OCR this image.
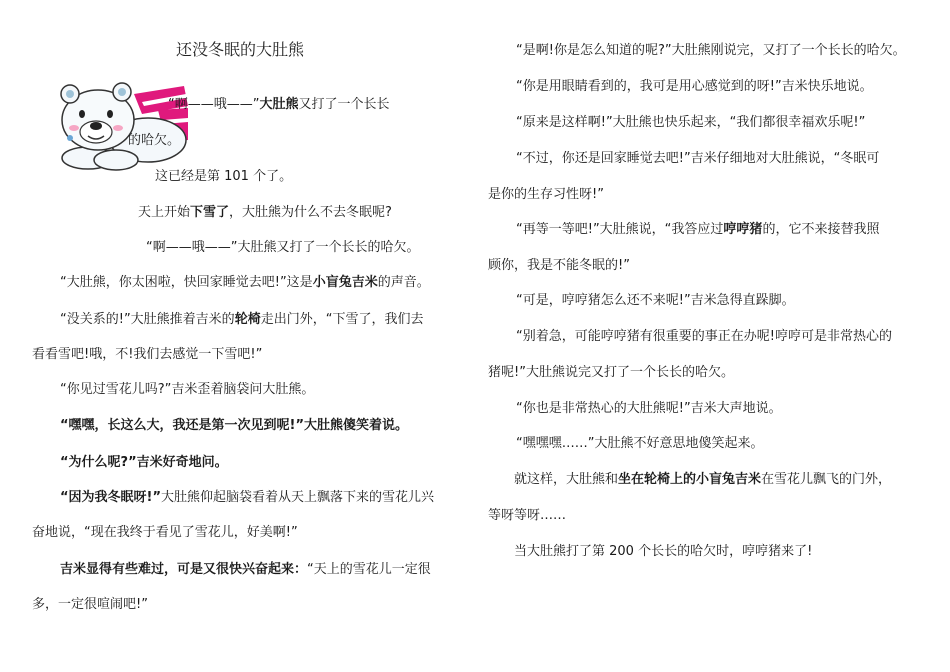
还没冬眠的大肚熊
“啊——哦——”大肚熊又打了一个长长
的哈欠。
这已经是第 101 个了。
天上开始下雪了，大肚熊为什么不去冬眠呢?
“啊——哦——”大肚熊又打了一个长长的哈欠。
“大肚熊，你太困啦，快回家睡觉去吧!”这是小盲兔吉米的声音。
“没关系的!”大肚熊推着吉米的轮椅走出门外，“下雪了，我们去
看看雪吧!哦，不!我们去感觉一下雪吧!”
“你见过雪花儿吗?”吉米歪着脑袋问大肚熊。
“嘿嘿，长这么大，我还是第一次见到呢!”大肚熊傻笑着说。
“为什么呢?”吉米好奇地问。
“因为我冬眠呀!”大肚熊仰起脑袋看着从天上飘落下来的雪花儿兴
奋地说，“现在我终于看见了雪花儿，好美啊!”
吉米显得有些难过，可是又很快兴奋起来：“天上的雪花儿一定很
多，一定很喧闹吧!”
“是啊!你是怎么知道的呢?”大肚熊刚说完，又打了一个长长的哈欠。
“你是用眼睛看到的，我可是用心感觉到的呀!”吉米快乐地说。
“原来是这样啊!”大肚熊也快乐起来，“我们都很幸福欢乐呢!”
“不过，你还是回家睡觉去吧!”吉米仔细地对大肚熊说，“冬眠可
是你的生存习性呀!”
“再等一等吧!”大肚熊说，“我答应过哼哼猪的，它不来接替我照
顾你，我是不能冬眠的!”
“可是，哼哼猪怎么还不来呢!”吉米急得直跺脚。
“别着急，可能哼哼猪有很重要的事正在办呢!哼哼可是非常热心的
猪呢!”大肚熊说完又打了一个长长的哈欠。
“你也是非常热心的大肚熊呢!”吉米大声地说。
“嘿嘿嘿……”大肚熊不好意思地傻笑起来。
就这样，大肚熊和坐在轮椅上的小盲兔吉米在雪花儿飘飞的门外，
等呀等呀……
当大肚熊打了第 200 个长长的哈欠时，哼哼猪来了!
